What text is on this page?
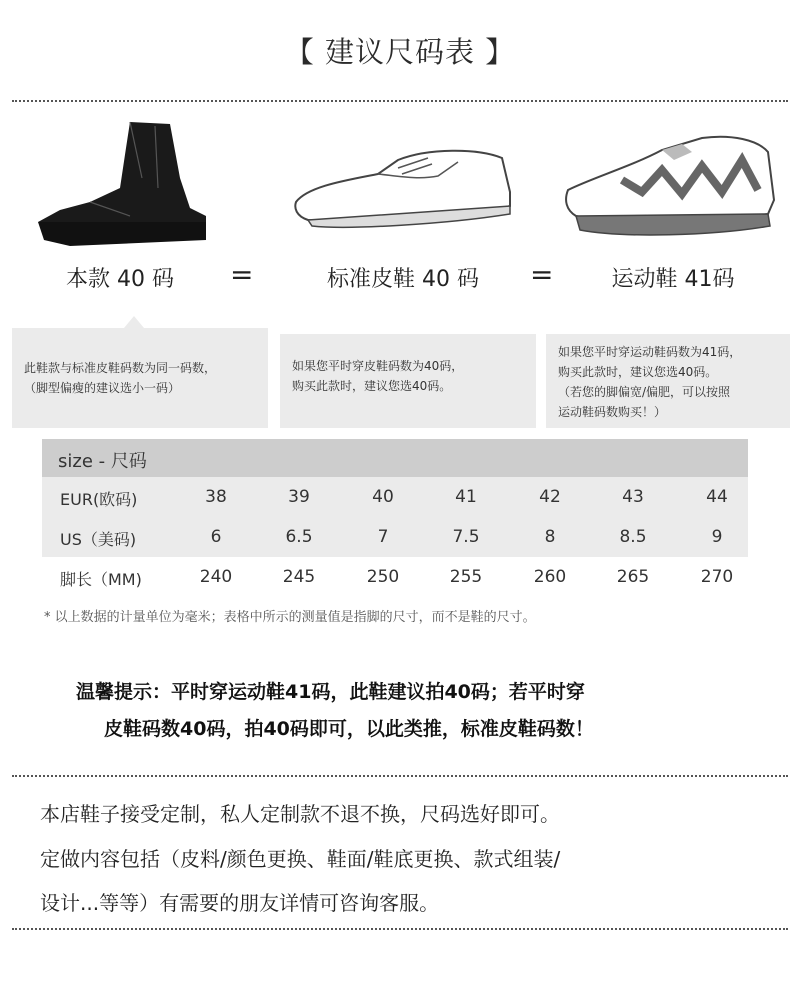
【 建议尺码表 】
本款 40 码	=	标准皮鞋 40 码	=	运动鞋 41码
此鞋款与标准皮鞋码数为同一码数，
（脚型偏瘦的建议选小一码）
如果您平时穿皮鞋码数为40码，
购买此款时，建议您选40码。
如果您平时穿运动鞋码数为41码，
购买此款时，建议您选40码。
（若您的脚偏宽/偏肥，可以按照
运动鞋码数购买！）
size - 尺码
EUR(欧码)	38	39	40	41	42	43	44
US（美码)	6	6.5	7	7.5	8	8.5	9
脚长（MM)	240	245	250	255	260	265	270
* 以上数据的计量单位为毫米；表格中所示的测量值是指脚的尺寸，而不是鞋的尺寸。
温馨提示：平时穿运动鞋41码，此鞋建议拍40码；若平时穿
皮鞋码数40码，拍40码即可，以此类推，标准皮鞋码数！
本店鞋子接受定制，私人定制款不退不换，尺码选好即可。
定做内容包括（皮料/颜色更换、鞋面/鞋底更换、款式组装/
设计...等等）有需要的朋友详情可咨询客服。
